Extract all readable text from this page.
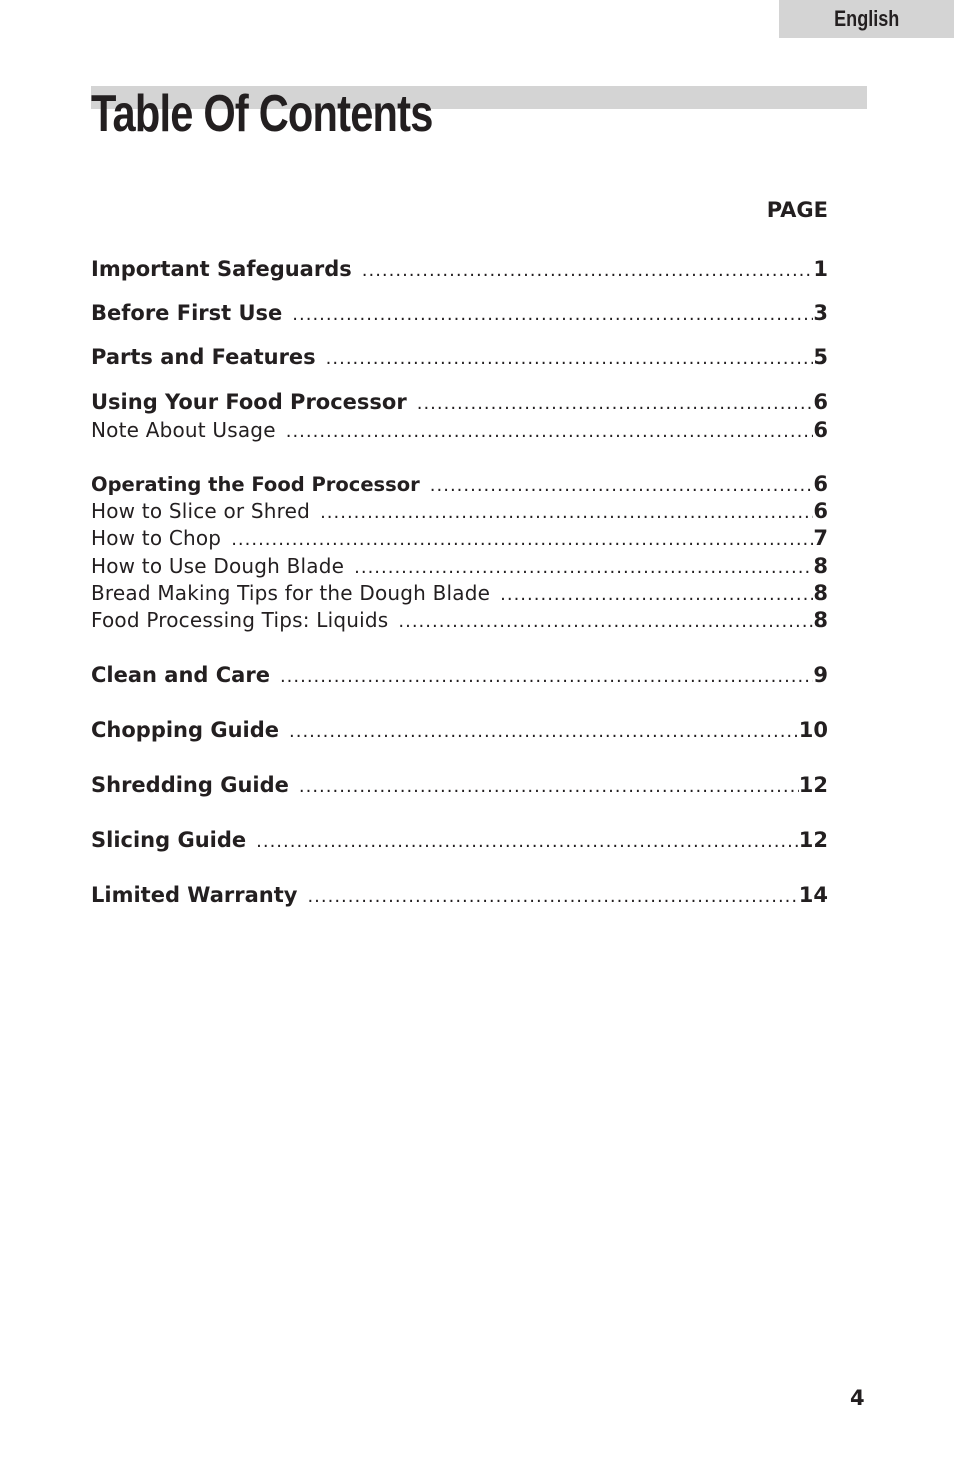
English
Table Of Contents
PAGE
Important Safeguards .....	1
Before First Use .....	3
Parts and Features .....	5
Using Your Food Processor .....	6
Note About Usage .....	6
Operating the Food Processor .....	6
How to Slice or Shred .....	6
How to Chop .....	7
How to Use Dough Blade .....	8
Bread Making Tips for the Dough Blade .....	8
Food Processing Tips: Liquids .....	8
Clean and Care .....	9
Chopping Guide .....	10
Shredding Guide .....	12
Slicing Guide .....	12
Limited Warranty .....	14
4
